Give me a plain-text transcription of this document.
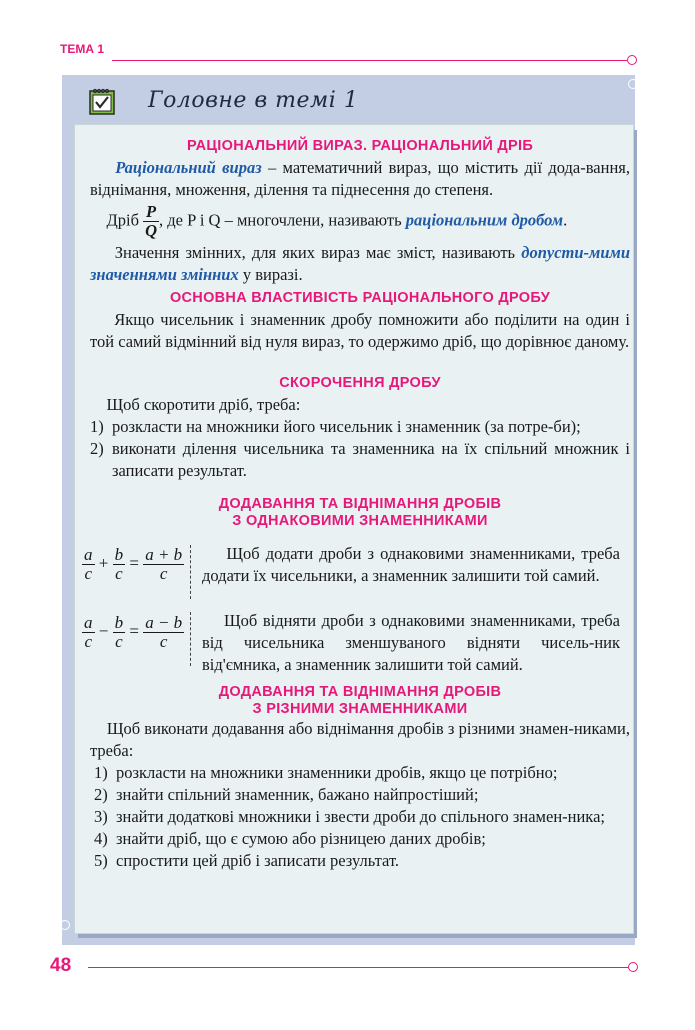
ТЕМА 1
Головне в темі 1
РАЦІОНАЛЬНИЙ ВИРАЗ. РАЦІОНАЛЬНИЙ ДРІБ
Раціональний вираз – математичний вираз, що містить дії дода-вання, віднімання, множення, ділення та піднесення до степеня.
Дріб $\frac{P}{Q}$ , де P і Q – многочлени, називають раціональним дробом.
Значення змінних, для яких вираз має зміст, називають допусти-мими значеннями змінних у виразі.
ОСНОВНА ВЛАСТИВІСТЬ РАЦІОНАЛЬНОГО ДРОБУ
Якщо чисельник і знаменник дробу помножити або поділити на один і той самий відмінний від нуля вираз, то одержимо дріб, що дорівнює даному.
СКОРОЧЕННЯ ДРОБУ
Щоб скоротити дріб, треба:
1) розкласти на множники його чисельник і знаменник (за потре-би);
2) виконати ділення чисельника та знаменника на їх спільний множник і записати результат.
ДОДАВАННЯ ТА ВІДНІМАННЯ ДРОБІВ
З ОДНАКОВИМИ ЗНАМЕННИКАМИ
$\frac{a}{c} + \frac{b}{c} = \frac{a + b}{c}$	Щоб додати дроби з однаковими знаменниками, треба додати їх чисельники, а знаменник залишити той самий.
$\frac{a}{c} - \frac{b}{c} = \frac{a - b}{c}$	Щоб відняти дроби з однаковими знаменниками, треба від чисельника зменшуваного відняти чисель-ник від'ємника, а знаменник залишити той самий.
ДОДАВАННЯ ТА ВІДНІМАННЯ ДРОБІВ
З РІЗНИМИ ЗНАМЕННИКАМИ
Щоб виконати додавання або віднімання дробів з різними знамен-никами, треба:
1) розкласти на множники знаменники дробів, якщо це потрібно;
2) знайти спільний знаменник, бажано найпростіший;
3) знайти додаткові множники і звести дроби до спільного знамен-ника;
4) знайти дріб, що є сумою або різницею даних дробів;
5) спростити цей дріб і записати результат.
48
